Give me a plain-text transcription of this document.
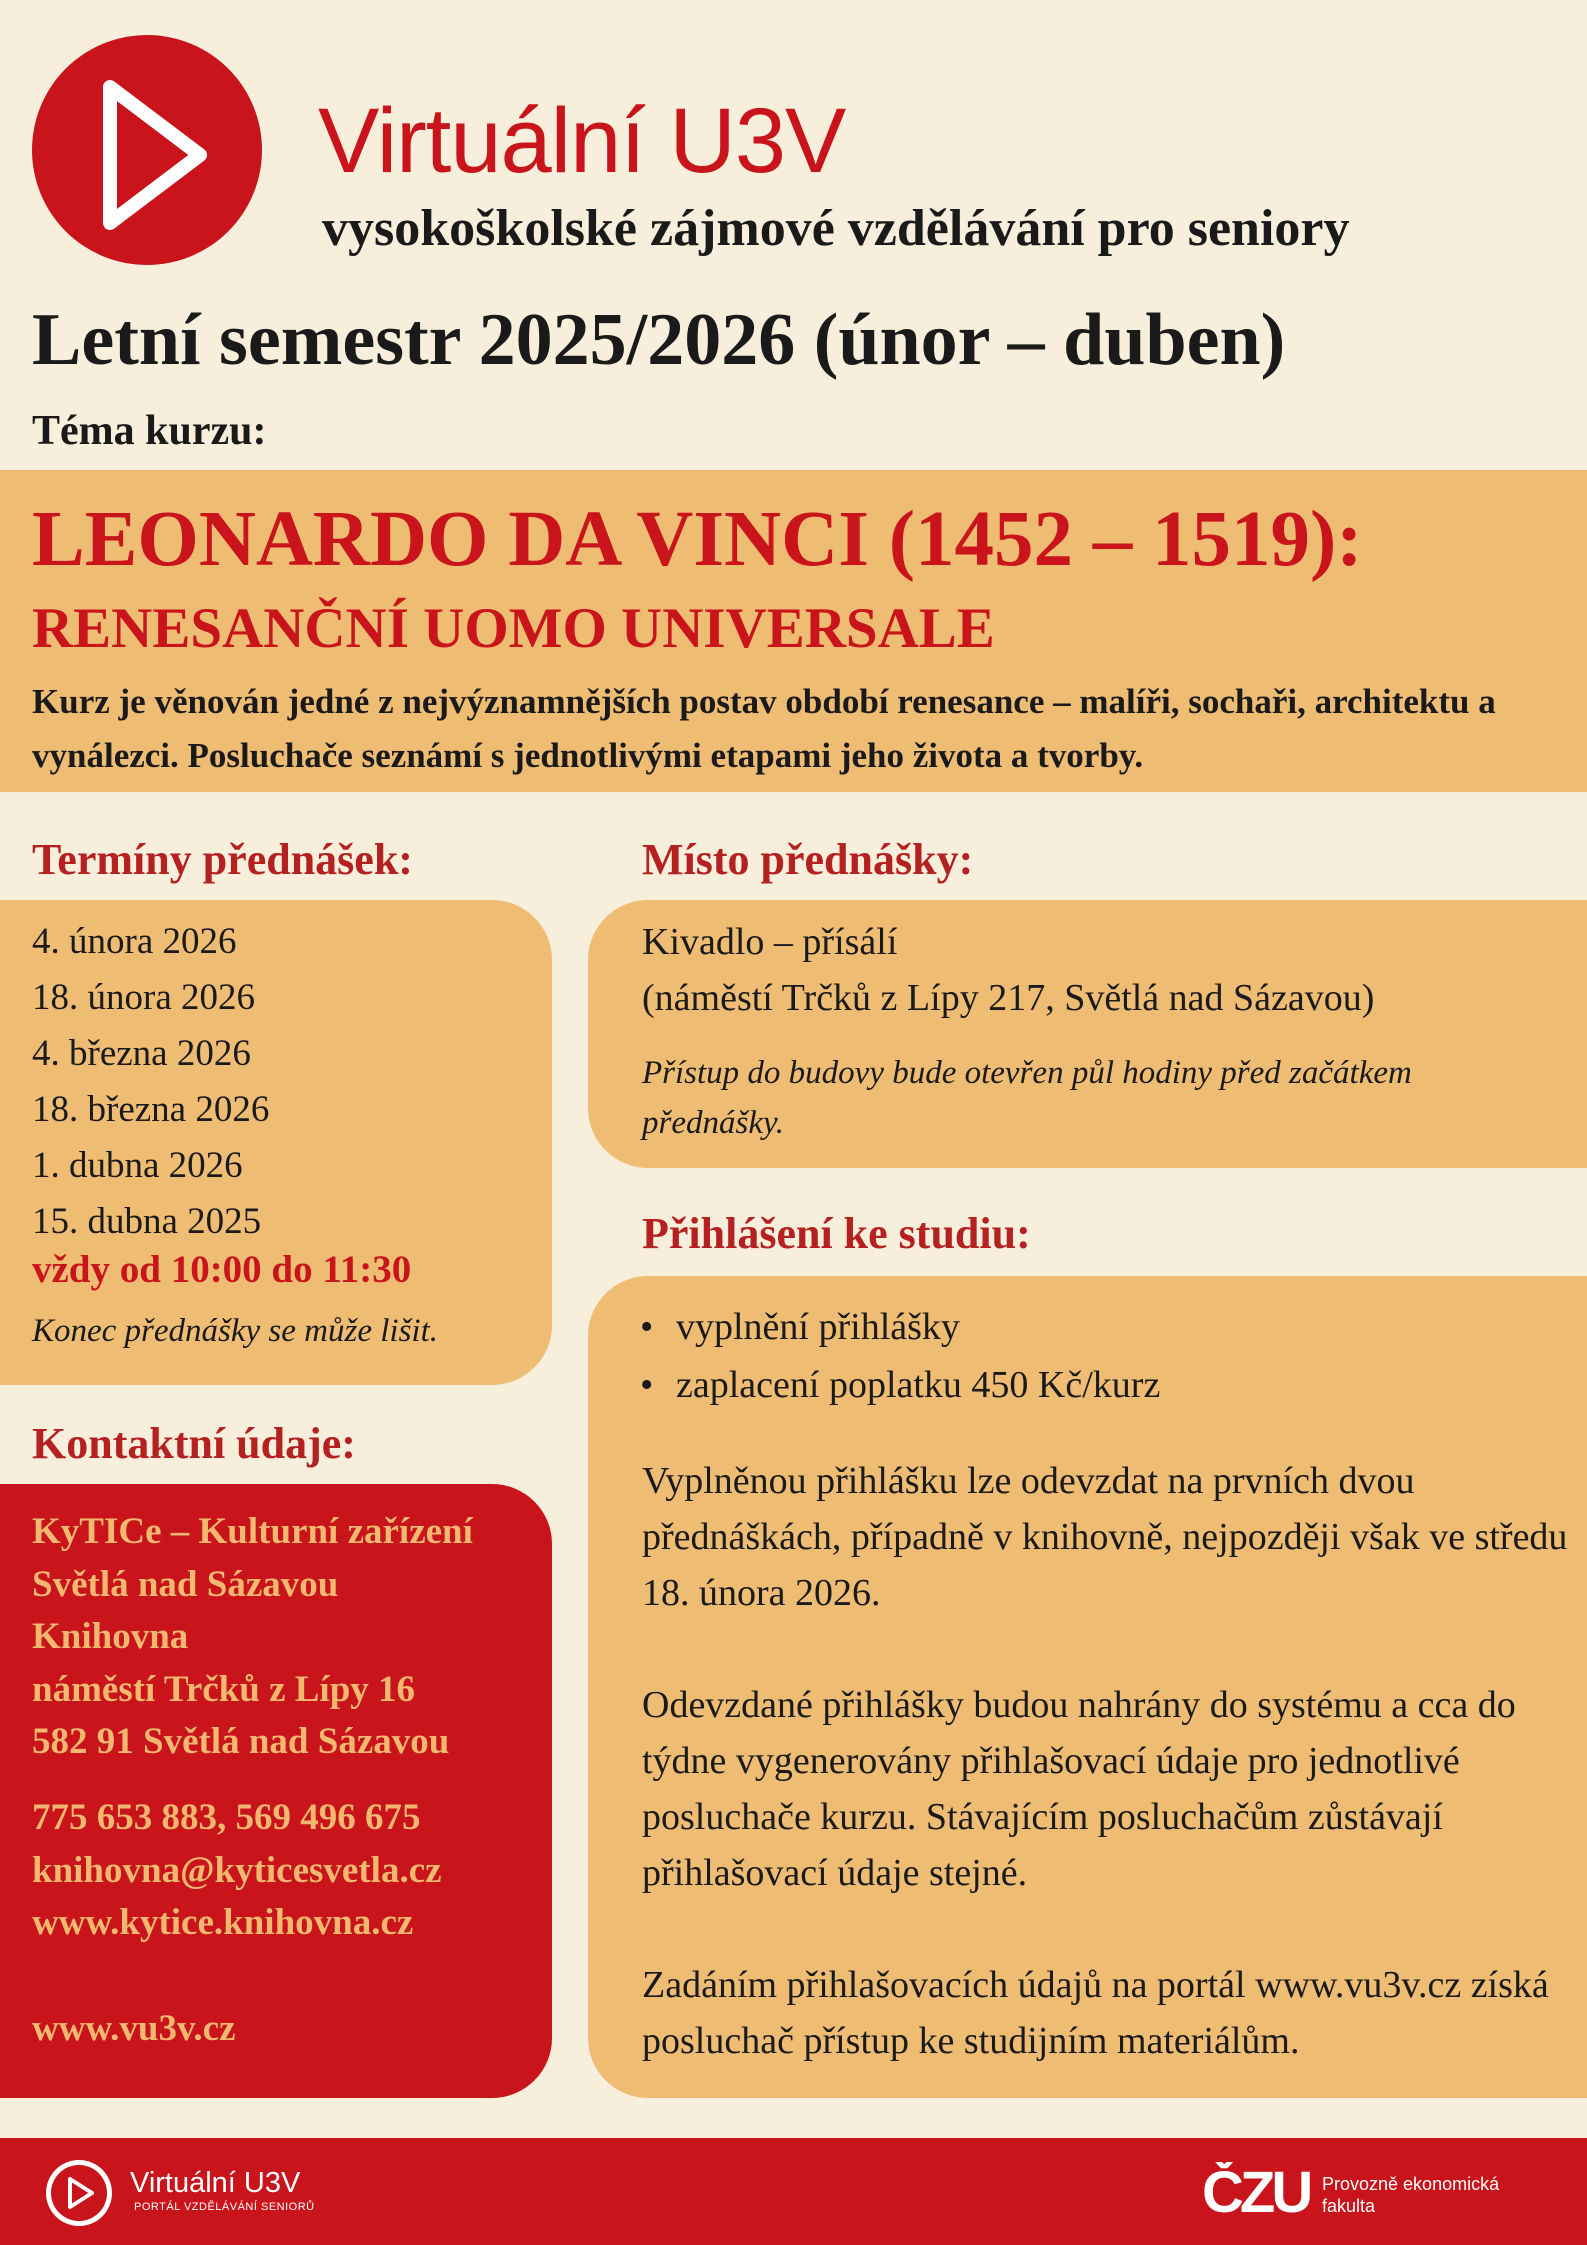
Virtuální U3V
vysokoškolské zájmové vzdělávání pro seniory
Letní semestr 2025/2026 (únor – duben)
Téma kurzu:
LEONARDO DA VINCI (1452 – 1519):
RENESANČNÍ UOMO UNIVERSALE
Kurz je věnován jedné z nejvýznamnějších postav období renesance – malíři, sochaři, architektu a vynálezci. Posluchače seznámí s jednotlivými etapami jeho života a tvorby.
Termíny přednášek:
4. února 2026
18. února 2026
4. března 2026
18. března 2026
1. dubna 2026
15. dubna 2025
vždy od 10:00 do 11:30
Konec přednášky se může lišit.
Místo přednášky:
Kivadlo – přísálí
(náměstí Trčků z Lípy 217, Světlá nad Sázavou)
Přístup do budovy bude otevřen půl hodiny před začátkem přednášky.
Přihlášení ke studiu:
• vyplnění přihlášky
• zaplacení poplatku 450 Kč/kurz
Vyplněnou přihlášku lze odevzdat na prvních dvou přednáškách, případně v knihovně, nejpozději však ve středu 18. února 2026.
Odevzdané přihlášky budou nahrány do systému a cca do týdne vygenerovány přihlašovací údaje pro jednotlivé posluchače kurzu. Stávajícím posluchačům zůstávají přihlašovací údaje stejné.
Zadáním přihlašovacích údajů na portál www.vu3v.cz získá posluchač přístup ke studijním materiálům.
Kontaktní údaje:
KyTICe – Kulturní zařízení
Světlá nad Sázavou
Knihovna
náměstí Trčků z Lípy 16
582 91 Světlá nad Sázavou
775 653 883, 569 496 675
knihovna@kyticesvetla.cz
www.kytice.knihovna.cz
www.vu3v.cz
Virtuální U3V
PORTÁL VZDĚLÁVÁNÍ SENIORŮ	ČZU Provozně ekonomická fakulta
